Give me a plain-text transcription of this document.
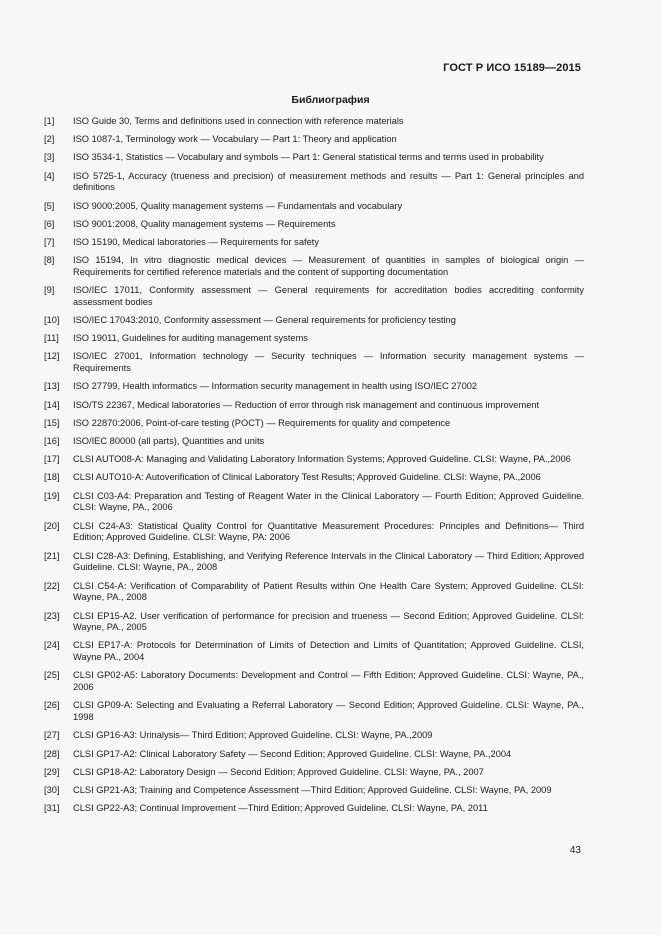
ГОСТ Р ИСО 15189—2015
Библиография
[1]	ISO Guide 30, Terms and definitions used in connection with reference materials
[2]	ISO 1087-1, Terminology work — Vocabulary — Part 1: Theory and application
[3]	ISO 3534-1, Statistics — Vocabulary and symbols — Part 1: General statistical terms and terms used in probability
[4]	ISO 5725-1, Accuracy (trueness and precision) of measurement methods and results — Part 1: General principles and definitions
[5]	ISO 9000:2005, Quality management systems — Fundamentals and vocabulary
[6]	ISO 9001:2008, Quality management systems — Requirements
[7]	ISO 15190, Medical laboratories — Requirements for safety
[8]	ISO 15194, In vitro diagnostic medical devices — Measurement of quantities in samples of biological origin — Requirements for certified reference materials and the content of supporting documentation
[9]	ISO/IEC 17011, Conformity assessment — General requirements for accreditation bodies accrediting conformity assessment bodies
[10]	ISO/IEC 17043:2010, Conformity assessment — General requirements for proficiency testing
[11]	ISO 19011, Guidelines for auditing management systems
[12]	ISO/IEC 27001, Information technology — Security techniques — Information security management systems — Requirements
[13]	ISO 27799, Health informatics — Information security management in health using ISO/IEC 27002
[14]	ISO/TS 22367, Medical laboratories — Reduction of error through risk management and continuous improvement
[15]	ISO 22870:2006, Point-of-care testing (POCT) — Requirements for quality and competence
[16]	ISO/IEC 80000 (all parts), Quantities and units
[17]	CLSI AUTO08-A: Managing and Validating Laboratory Information Systems; Approved Guideline. CLSI: Wayne, PA.,2006
[18]	CLSI AUTO10-A: Autoverification of Clinical Laboratory Test Results; Approved Guideline. CLSI: Wayne, PA.,2006
[19]	CLSI C03-A4: Preparation and Testing of Reagent Water in the Clinical Laboratory — Fourth Edition; Approved Guideline. CLSI: Wayne, PA., 2006
[20]	CLSI C24-A3: Statistical Quality Control for Quantitative Measurement Procedures: Principles and Definitions— Third Edition; Approved Guideline. CLSI: Wayne, PA: 2006
[21]	CLSI C28-A3: Defining, Establishing, and Verifying Reference Intervals in the Clinical Laboratory — Third Edition; Approved Guideline. CLSI: Wayne, PA., 2008
[22]	CLSI C54-A: Verification of Comparability of Patient Results within One Health Care System; Approved Guideline. CLSI: Wayne, PA., 2008
[23]	CLSI EP15-A2. User verification of performance for precision and trueness — Second Edition; Approved Guideline. CLSI: Wayne, PA., 2005
[24]	CLSI EP17-A: Protocols for Determination of Limits of Detection and Limits of Quantitation; Approved Guideline. CLSI, Wayne PA., 2004
[25]	CLSI GP02-A5: Laboratory Documents: Development and Control — Fifth Edition; Approved Guideline. CLSI: Wayne, PA., 2006
[26]	CLSI GP09-A: Selecting and Evaluating a Referral Laboratory — Second Edition; Approved Guideline. CLSI: Wayne, PA., 1998
[27]	CLSI GP16-A3: Urinalysis— Third Edition; Approved Guideline. CLSI: Wayne, PA.,2009
[28]	CLSI GP17-A2: Clinical Laboratory Safety — Second Edition; Approved Guideline. CLSI: Wayne, PA.,2004
[29]	CLSI GP18-A2: Laboratory Design — Second Edition; Approved Guideline. CLSI: Wayne, PA., 2007
[30]	CLSI GP21-A3; Training and Competence Assessment —Third Edition; Approved Guideline. CLSI: Wayne, PA, 2009
[31]	CLSI GP22-A3; Continual Improvement —Third Edition; Approved Guideline. CLSI: Wayne, PA, 2011
43
